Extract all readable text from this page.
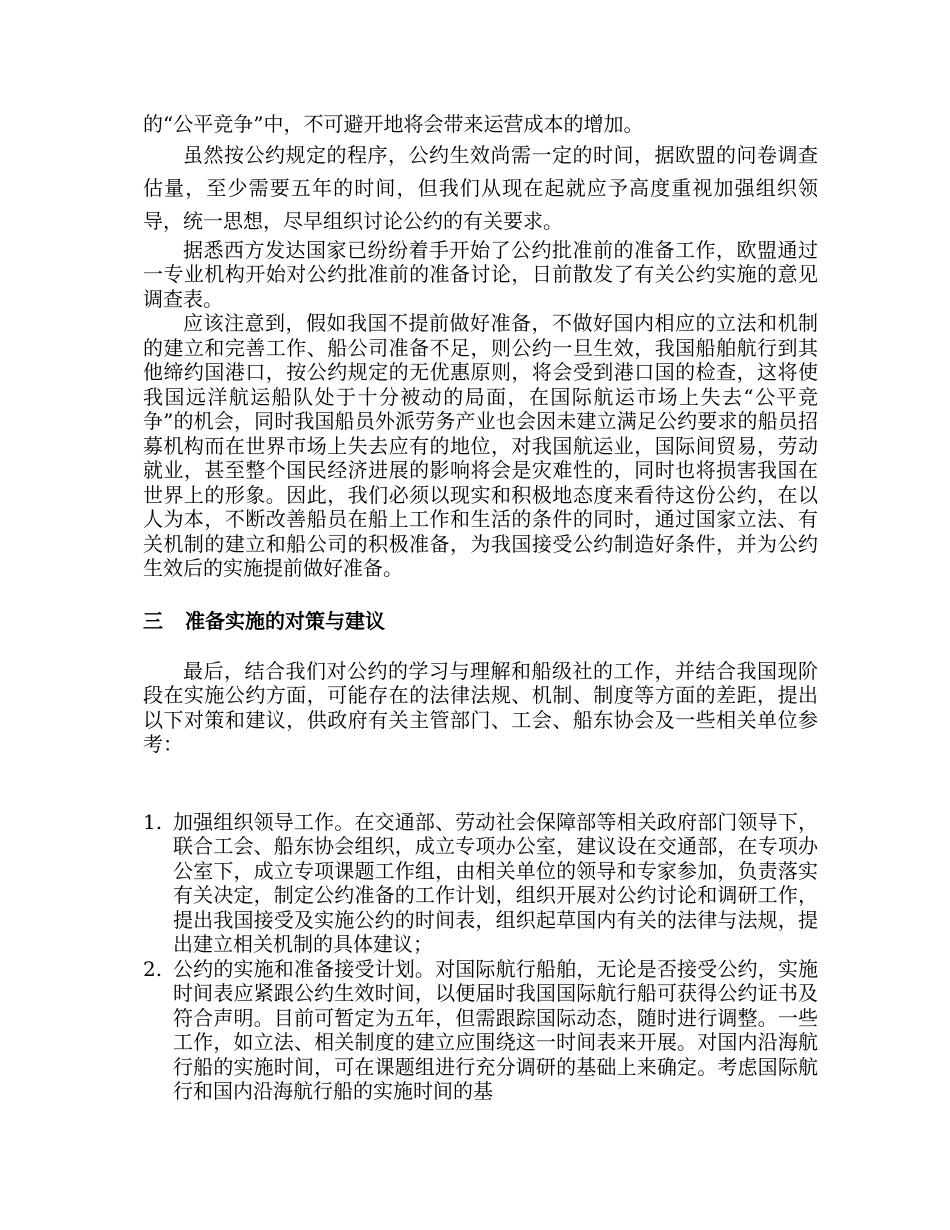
的“公平竞争”中，不可避开地将会带来运营成本的增加。

虽然按公约规定的程序，公约生效尚需一定的时间，据欧盟的问卷调查估量，至少需要五年的时间，但我们从现在起就应予高度重视加强组织领导，统一思想，尽早组织讨论公约的有关要求。

据悉西方发达国家已纷纷着手开始了公约批准前的准备工作，欧盟通过一专业机构开始对公约批准前的准备讨论，日前散发了有关公约实施的意见调查表。

应该注意到，假如我国不提前做好准备，不做好国内相应的立法和机制的建立和完善工作、船公司准备不足，则公约一旦生效，我国船舶航行到其他缔约国港口，按公约规定的无优惠原则，将会受到港口国的检查，这将使我国远洋航运船队处于十分被动的局面，在国际航运市场上失去“公平竞争”的机会，同时我国船员外派劳务产业也会因未建立满足公约要求的船员招募机构而在世界市场上失去应有的地位，对我国航运业，国际间贸易，劳动就业，甚至整个国民经济进展的影响将会是灾难性的，同时也将损害我国在世界上的形象。因此，我们必须以现实和积极地态度来看待这份公约，在以人为本，不断改善船员在船上工作和生活的条件的同时，通过国家立法、有关机制的建立和船公司的积极准备，为我国接受公约制造好条件，并为公约生效后的实施提前做好准备。

三 准备实施的对策与建议

最后，结合我们对公约的学习与理解和船级社的工作，并结合我国现阶段在实施公约方面，可能存在的法律法规、机制、制度等方面的差距，提出以下对策和建议，供政府有关主管部门、工会、船东协会及一些相关单位参考：

1. 加强组织领导工作。在交通部、劳动社会保障部等相关政府部门领导下，联合工会、船东协会组织，成立专项办公室，建议设在交通部，在专项办公室下，成立专项课题工作组，由相关单位的领导和专家参加，负责落实有关决定，制定公约准备的工作计划，组织开展对公约讨论和调研工作，提出我国接受及实施公约的时间表，组织起草国内有关的法律与法规，提出建立相关机制的具体建议；
2. 公约的实施和准备接受计划。对国际航行船舶，无论是否接受公约，实施时间表应紧跟公约生效时间，以便届时我国国际航行船可获得公约证书及符合声明。目前可暂定为五年，但需跟踪国际动态，随时进行调整。一些工作，如立法、相关制度的建立应围绕这一时间表来开展。对国内沿海航行船的实施时间，可在课题组进行充分调研的基础上来确定。考虑国际航行和国内沿海航行船的实施时间的基
